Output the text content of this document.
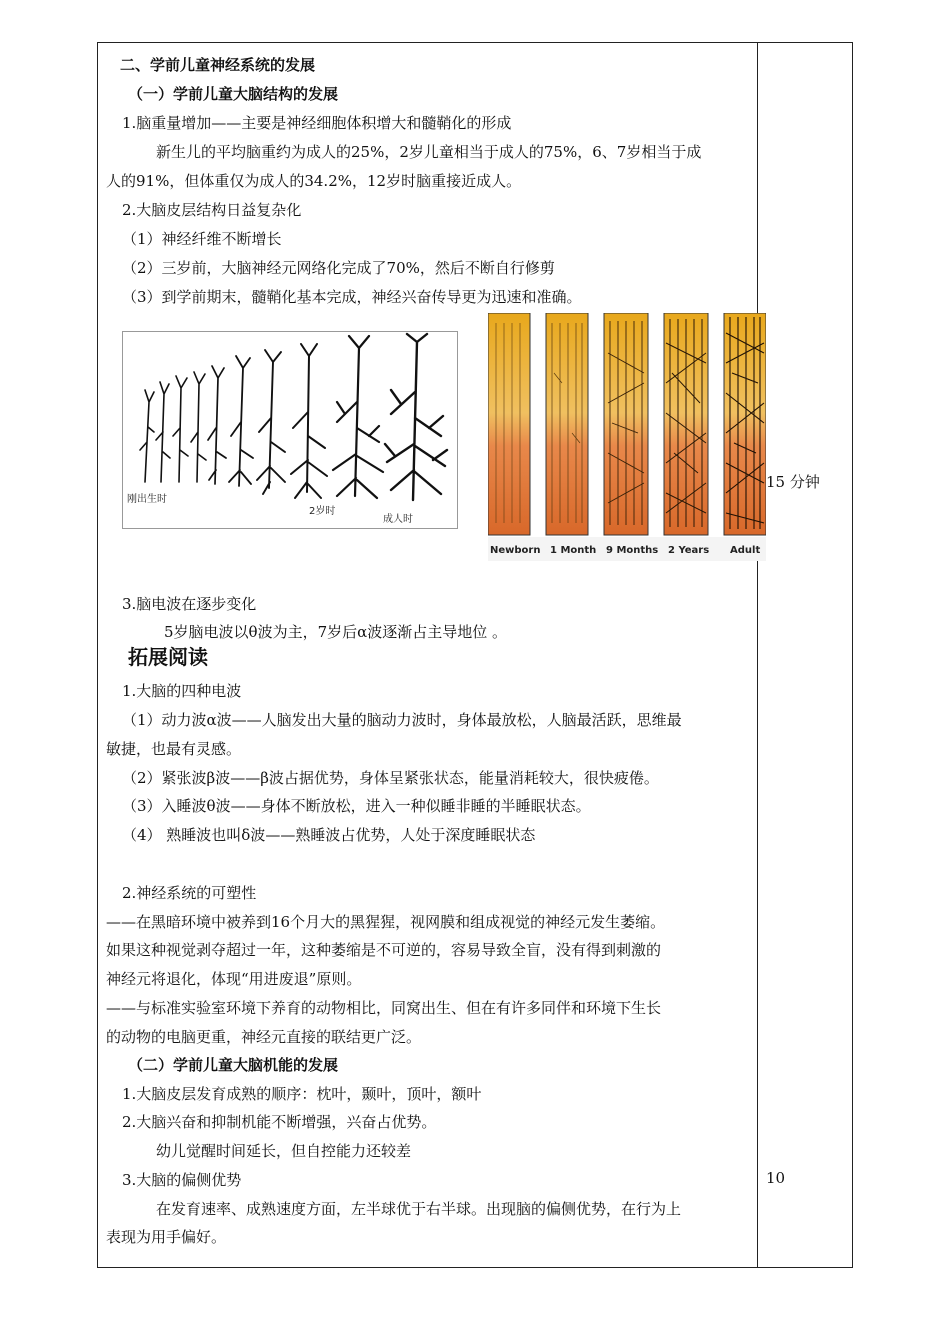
二、学前儿童神经系统的发展
（一）学前儿童大脑结构的发展
1.脑重量增加——主要是神经细胞体积增大和髓鞘化的形成
新生儿的平均脑重约为成人的25%，2岁儿童相当于成人的75%，6、7岁相当于成
人的91%，但体重仅为成人的34.2%，12岁时脑重接近成人。
2.大脑皮层结构日益复杂化
（1）神经纤维不断增长
（2）三岁前，大脑神经元网络化完成了70%，然后不断自行修剪
（3）到学前期末，髓鞘化基本完成，神经兴奋传导更为迅速和准确。
刚出生时
2岁时
成人时
Newborn 1 Month 9 Months 2 Years Adult
3.脑电波在逐步变化
5岁脑电波以θ波为主，7岁后α波逐渐占主导地位 。
拓展阅读
1.大脑的四种电波
（1）动力波α波——人脑发出大量的脑动力波时，身体最放松，人脑最活跃，思维最
敏捷，也最有灵感。
（2）紧张波β波——β波占据优势，身体呈紧张状态，能量消耗较大，很快疲倦。
（3）入睡波θ波——身体不断放松，进入一种似睡非睡的半睡眠状态。
（4） 熟睡波也叫δ波——熟睡波占优势，人处于深度睡眠状态
2.神经系统的可塑性
——在黑暗环境中被养到16个月大的黑猩猩，视网膜和组成视觉的神经元发生萎缩。
如果这种视觉剥夺超过一年，这种萎缩是不可逆的，容易导致全盲，没有得到刺激的
神经元将退化，体现“用进废退”原则。
——与标准实验室环境下养育的动物相比，同窝出生、但在有许多同伴和环境下生长
的动物的电脑更重，神经元直接的联结更广泛。
（二）学前儿童大脑机能的发展
1.大脑皮层发育成熟的顺序：枕叶，颞叶，顶叶，额叶
2.大脑兴奋和抑制机能不断增强，兴奋占优势。
幼儿觉醒时间延长，但自控能力还较差
3.大脑的偏侧优势
在发育速率、成熟速度方面，左半球优于右半球。出现脑的偏侧优势，在行为上
表现为用手偏好。
15 分钟
10
